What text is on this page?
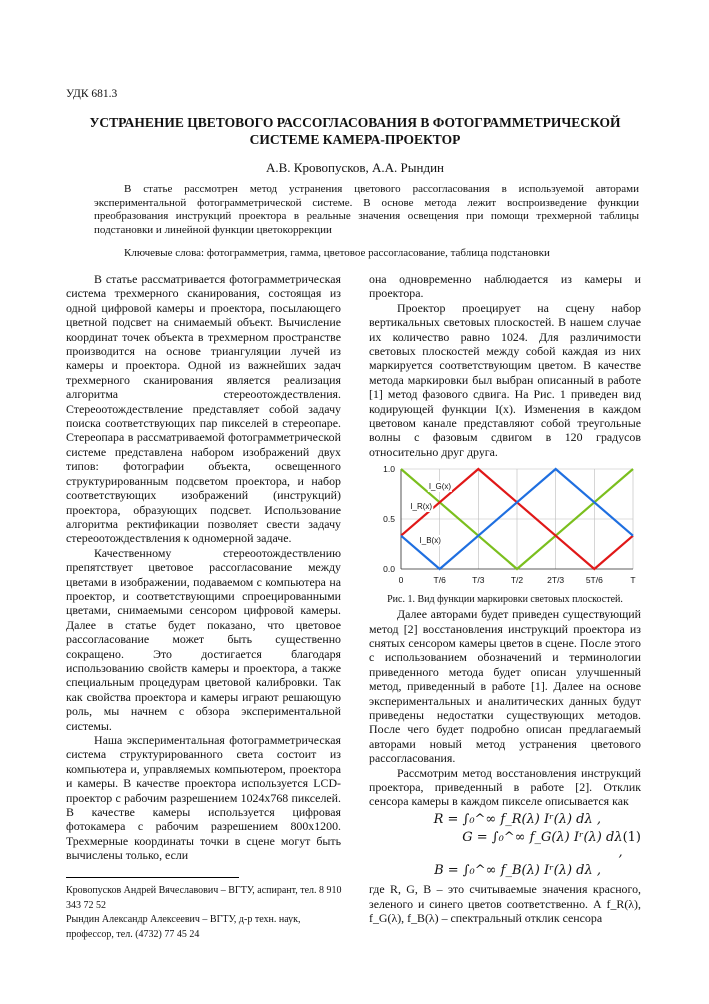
УДК 681.3
УСТРАНЕНИЕ ЦВЕТОВОГО РАССОГЛАСОВАНИЯ В ФОТОГРАММЕТРИЧЕСКОЙ СИСТЕМЕ КАМЕРА-ПРОЕКТОР
А.В. Кровопусков, А.А. Рындин
В статье рассмотрен метод устранения цветового рассогласования в используемой авторами экспериментальной фотограмметрической системе. В основе метода лежит воспроизведение функции преобразования инструкций проектора в реальные значения освещения при помощи трехмерной таблицы подстановки и линейной функции цветокоррекции
Ключевые слова: фотограмметрия, гамма, цветовое рассогласование, таблица подстановки

В статье рассматривается фотограмметрическая система трехмерного сканирования, состоящая из одной цифровой камеры и проектора, посылающего цветной подсвет на снимаемый объект. Вычисление координат точек объекта в трехмерном пространстве производится на основе триангуляции лучей из камеры и проектора. Одной из важнейших задач трехмерного сканирования является реализация алгоритма стереоотождествления. Стереоотождествление представляет собой задачу поиска соответствующих пар пикселей в стереопаре. Стереопара в рассматриваемой фотограмметрической системе представлена набором изображений двух типов: фотографии объекта, освещенного структурированным подсветом проектора, и набор соответствующих изображений (инструкций) проектора, образующих подсвет. Использование алгоритма ректификации позволяет свести задачу стереоотождествления к одномерной задаче.

Качественному стереоотождествлению препятствует цветовое рассогласование между цветами в изображении, подаваемом с компьютера на проектор, и соответствующими спроецированными цветами, снимаемыми сенсором цифровой камеры. Далее в статье будет показано, что цветовое рассогласование может быть существенно сокращено. Это достигается благодаря использованию свойств камеры и проектора, а также специальным процедурам цветовой калибровки. Так как свойства проектора и камеры играют решающую роль, мы начнем с обзора экспериментальной системы.

Наша экспериментальная фотограмметрическая система структурированного света состоит из компьютера и, управляемых компьютером, проектора и камеры. В качестве проектора используется LCD-проектор с рабочим разрешением 1024x768 пикселей. В качестве камеры используется цифровая фотокамера с рабочим разрешением 800x1200. Трехмерные координаты точки в сцене могут быть вычислены только, если

она одновременно наблюдается из камеры и проектора.

Проектор проецирует на сцену набор вертикальных световых плоскостей. В нашем случае их количество равно 1024. Для различимости световых плоскостей между собой каждая из них маркируется соответствующим цветом. В качестве метода маркировки был выбран описанный в работе [1] метод фазового сдвига. На Рис. 1 приведен вид кодирующей функции I(x). Изменения в каждом цветовом канале представляют собой треугольные волны с фазовым сдвигом в 120 градусов относительно друг друга.

0	T/6	T/3	T/2	2T/3	5T/6	T
0.0
0.5
1.0
I_G(x)
I_R(x)
I_B(x)

Рис. 1. Вид функции маркировки световых плоскостей.

Далее авторами будет приведен существующий метод [2] восстановления инструкций проектора из снятых сенсором камеры цветов в сцене. После этого с использованием обозначений и терминологии приведенного метода будет описан улучшенный метод, приведенный в работе [1]. Далее на основе экспериментальных и аналитических данных будут приведены недостатки существующих методов. После чего будет подробно описан предлагаемый авторами новый метод устранения цветового рассогласования.

Рассмотрим метод восстановления инструкций проектора, приведенный в работе [2]. Отклик сенсора камеры в каждом пикселе описывается как

R = ∫₀^∞ f_R(λ) Iʳ(λ) dλ ,
G = ∫₀^∞ f_G(λ) Iʳ(λ) dλ ,
(1)
B = ∫₀^∞ f_B(λ) Iʳ(λ) dλ ,

где R, G, B – это считываемые значения красного, зеленого и синего цветов соответственно. А f_R(λ), f_G(λ), f_B(λ) – спектральный отклик сенсора

Кровопусков Андрей Вячеславович – ВГТУ, аспирант, тел. 8 910 343 72 52
Рындин Александр Алексеевич – ВГТУ, д-р техн. наук, профессор, тел. (4732) 77 45 24
